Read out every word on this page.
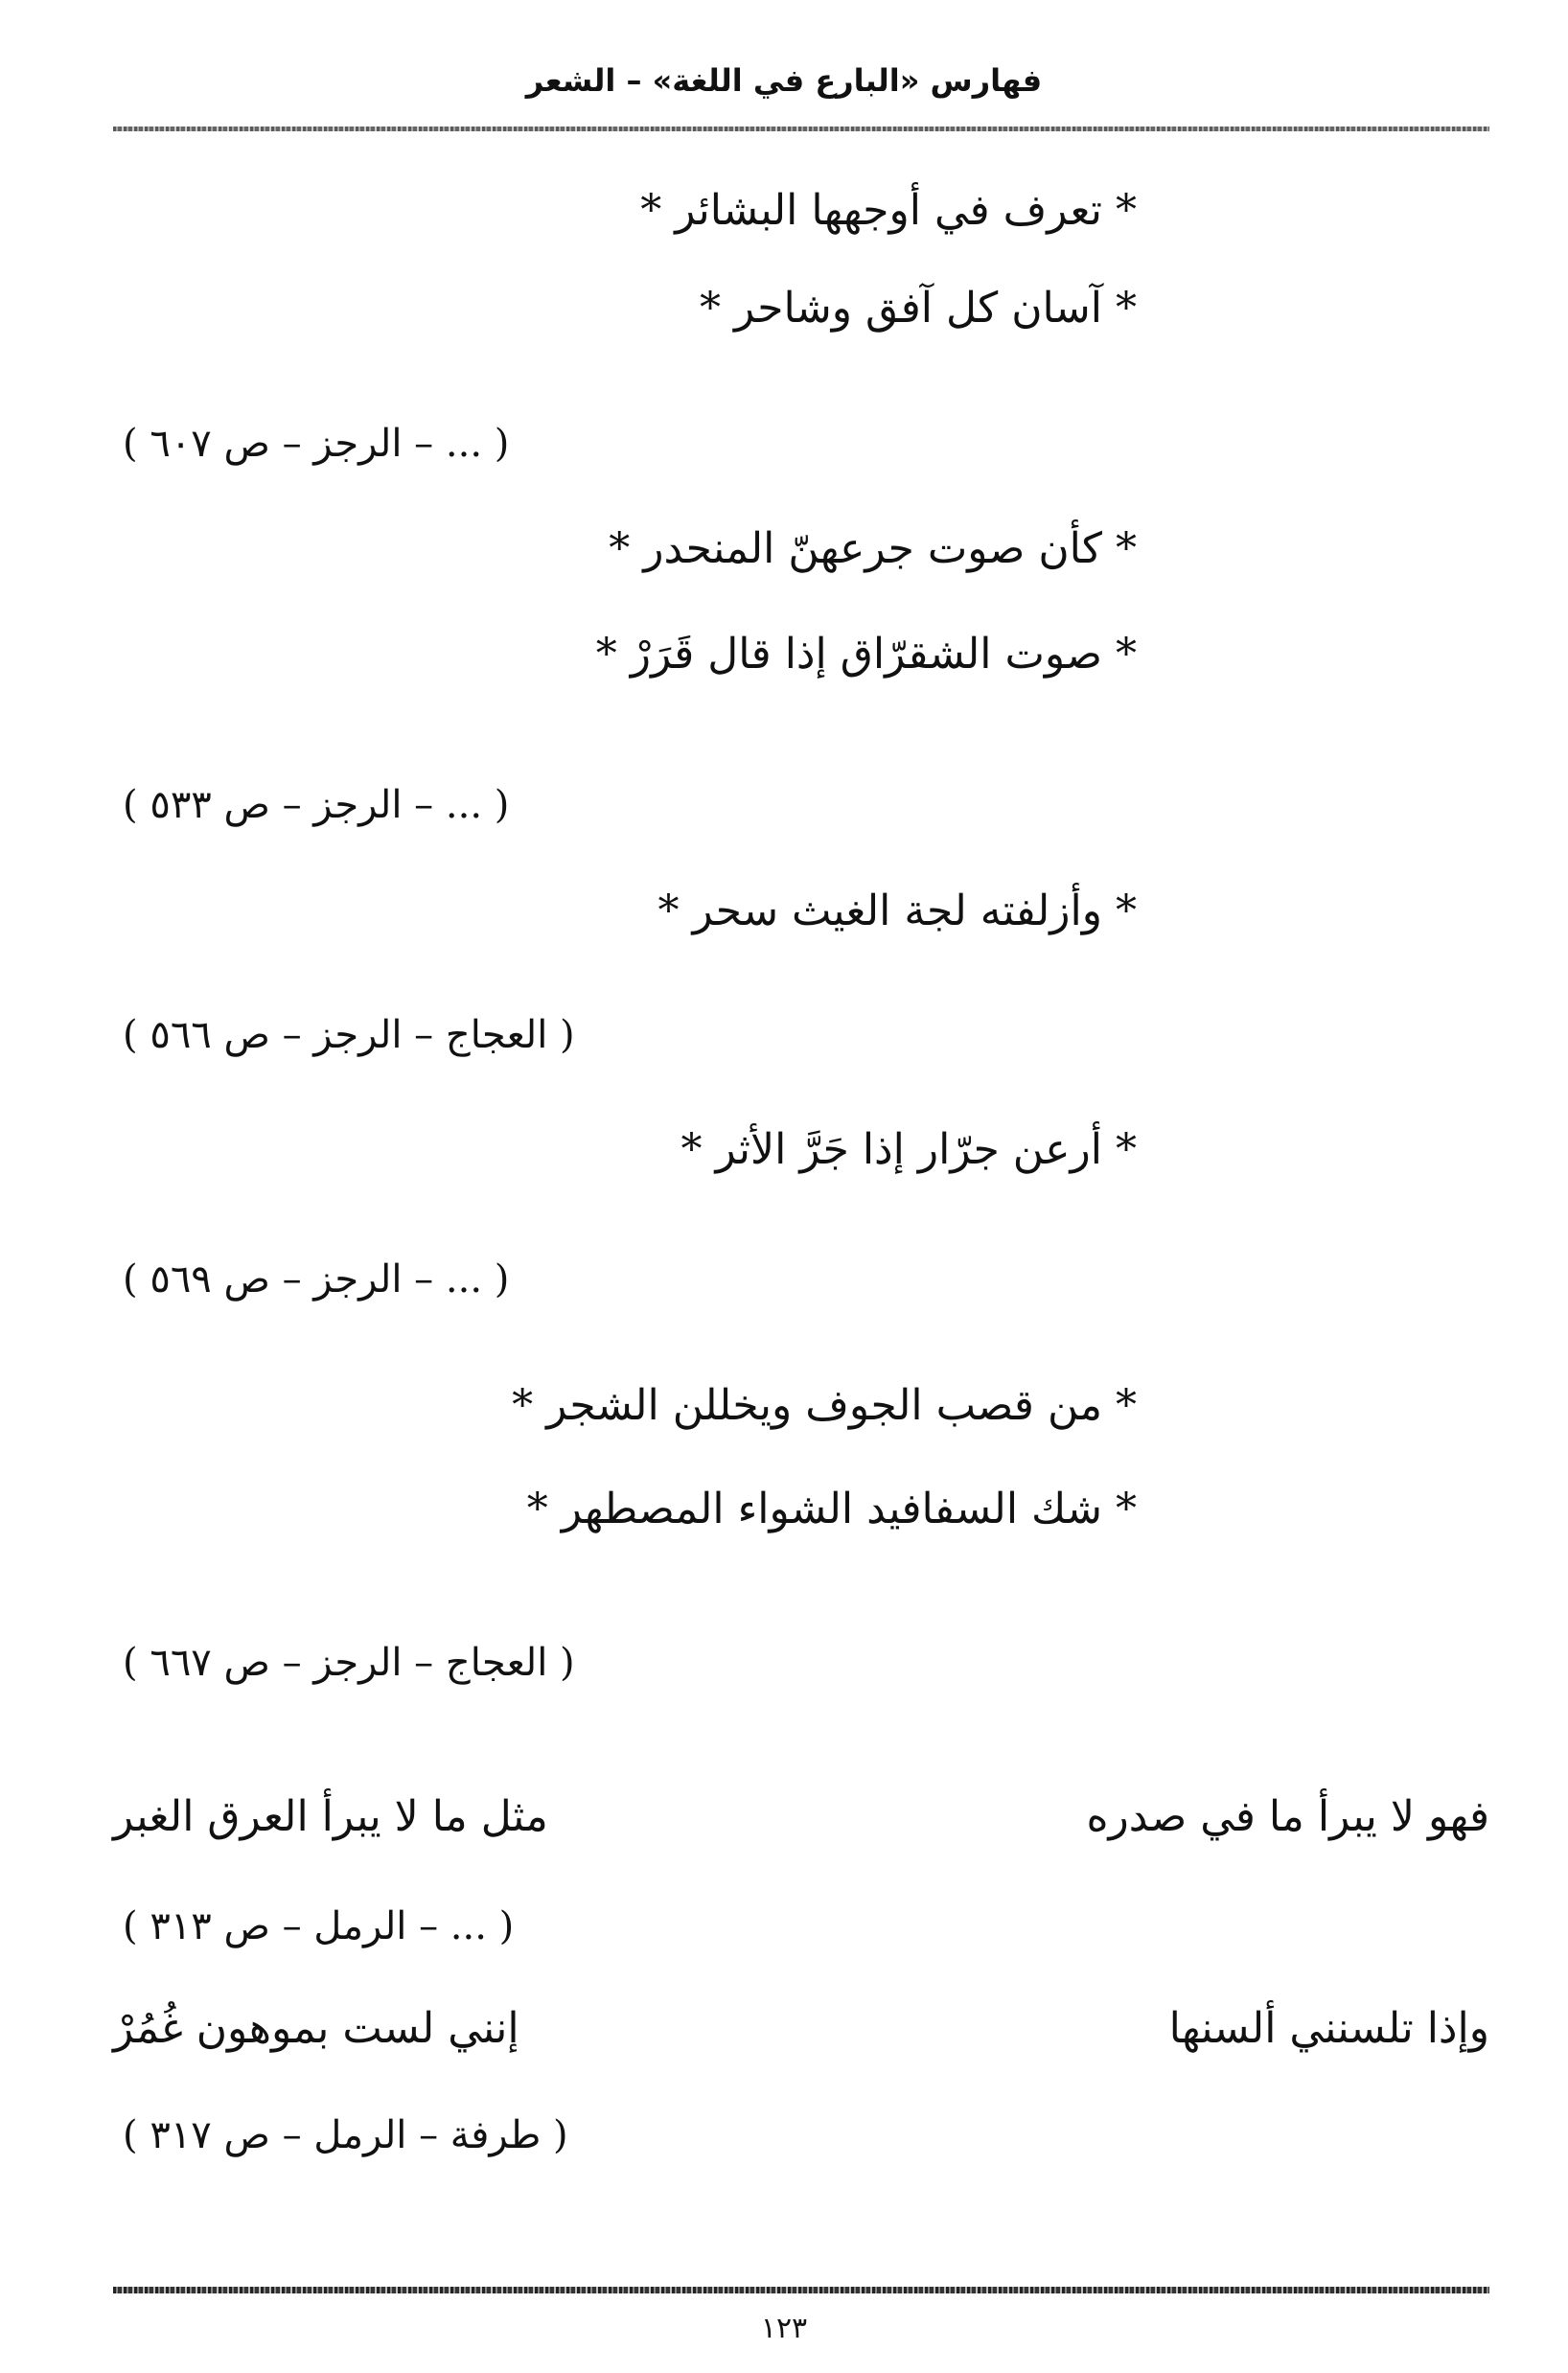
فهارس «البارع في اللغة» – الشعر
* تعرف في أوجهها البشائر *
* آسان كل آفق وشاحر *
( ... – الرجز – ص ٦٠٧ )
* كأن صوت جرعهنّ المنحدر *
* صوت الشقرّاق إذا قال قَرَرْ *
( ... – الرجز – ص ٥٣٣ )
* وأزلفته لجة الغيث سحر *
( العجاج – الرجز – ص ٥٦٦ )
* أرعن جرّار إذا جَرَّ الأثر *
( ... – الرجز – ص ٥٦٩ )
* من قصب الجوف ويخللن الشجر *
* شك السفافيد الشواء المصطهر *
( العجاج – الرجز – ص ٦٦٧ )
فهو لا يبرأ ما في صدره
مثل ما لا يبرأ العرق الغبر
( ... – الرمل – ص ٣١٣ )
وإذا تلسنني ألسنها
إنني لست بموهون غُمُرْ
( طرفة – الرمل – ص ٣١٧ )
١٢٣
